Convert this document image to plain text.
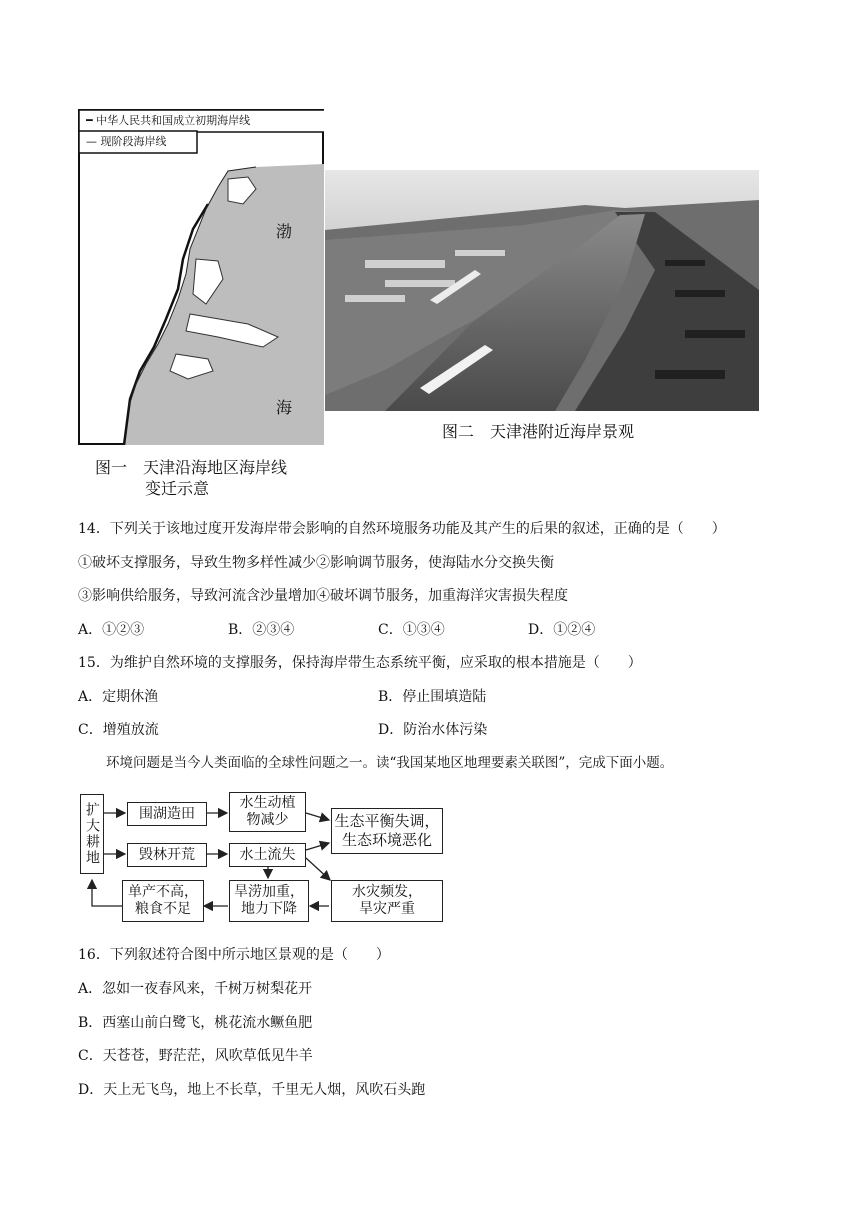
━ 中华人民共和国成立初期海岸线
— 现阶段海岸线
渤
海
图二　天津港附近海岸景观
图一　天津沿海地区海岸线
变迁示意
14．下列关于该地过度开发海岸带会影响的自然环境服务功能及其产生的后果的叙述，正确的是（　　）
①破坏支撑服务，导致生物多样性减少②影响调节服务，使海陆水分交换失衡
③影响供给服务，导致河流含沙量增加④破坏调节服务，加重海洋灾害损失程度
A．①②③	B．②③④	C．①③④	D．①②④
15．为维护自然环境的支撑服务，保持海岸带生态系统平衡，应采取的根本措施是（　　）
A．定期休渔	B．停止围填造陆
C．增殖放流	D．防治水体污染
环境问题是当今人类面临的全球性问题之一。读“我国某地区地理要素关联图”，完成下面小题。
扩大耕地	围湖造田
毁林开荒
水生动植
物减少
水土流失
生态平衡失调，
生态环境恶化
旱涝加重，
地力下降
水灾频发，
旱灾严重
单产不高，
粮食不足
16．下列叙述符合图中所示地区景观的是（　　）
A．忽如一夜春风来，千树万树梨花开
B．西塞山前白鹭飞，桃花流水鳜鱼肥
C．天苍苍，野茫茫，风吹草低见牛羊
D．天上无飞鸟，地上不长草，千里无人烟，风吹石头跑
